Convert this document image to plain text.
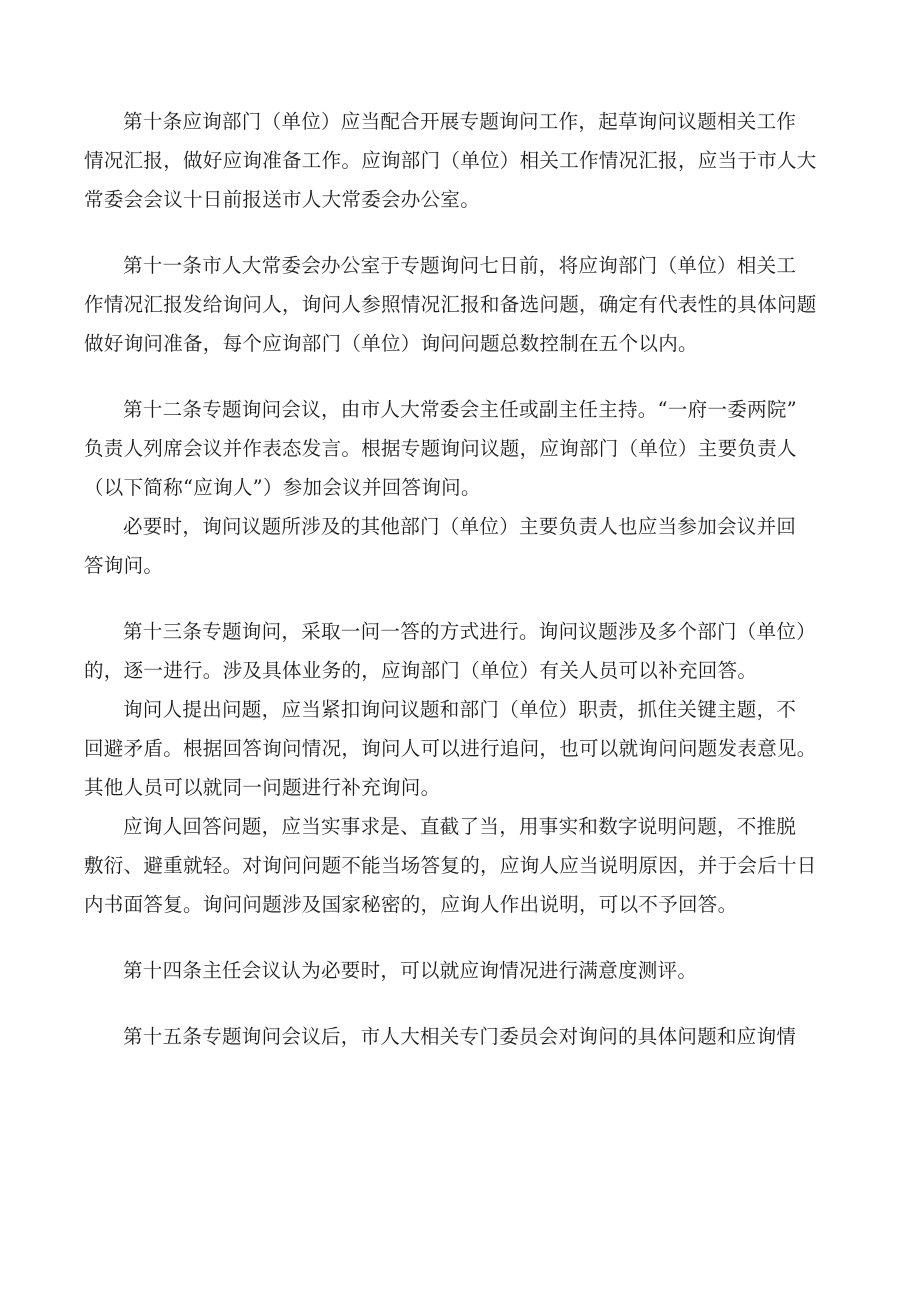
第十条应询部门（单位）应当配合开展专题询问工作，起草询问议题相关工作
情况汇报，做好应询准备工作。应询部门（单位）相关工作情况汇报，应当于市人大
常委会会议十日前报送市人大常委会办公室。

第十一条市人大常委会办公室于专题询问七日前，将应询部门（单位）相关工
作情况汇报发给询问人，询问人参照情况汇报和备选问题，确定有代表性的具体问题
做好询问准备，每个应询部门（单位）询问问题总数控制在五个以内。

第十二条专题询问会议，由市人大常委会主任或副主任主持。“一府一委两院”
负责人列席会议并作表态发言。根据专题询问议题，应询部门（单位）主要负责人
（以下简称“应询人”）参加会议并回答询问。

必要时，询问议题所涉及的其他部门（单位）主要负责人也应当参加会议并回
答询问。

第十三条专题询问，采取一问一答的方式进行。询问议题涉及多个部门（单位）
的，逐一进行。涉及具体业务的，应询部门（单位）有关人员可以补充回答。

询问人提出问题，应当紧扣询问议题和部门（单位）职责，抓住关键主题，不
回避矛盾。根据回答询问情况，询问人可以进行追问，也可以就询问问题发表意见。
其他人员可以就同一问题进行补充询问。

应询人回答问题，应当实事求是、直截了当，用事实和数字说明问题，不推脱
敷衍、避重就轻。对询问问题不能当场答复的，应询人应当说明原因，并于会后十日
内书面答复。询问问题涉及国家秘密的，应询人作出说明，可以不予回答。

第十四条主任会议认为必要时，可以就应询情况进行满意度测评。

第十五条专题询问会议后，市人大相关专门委员会对询问的具体问题和应询情
